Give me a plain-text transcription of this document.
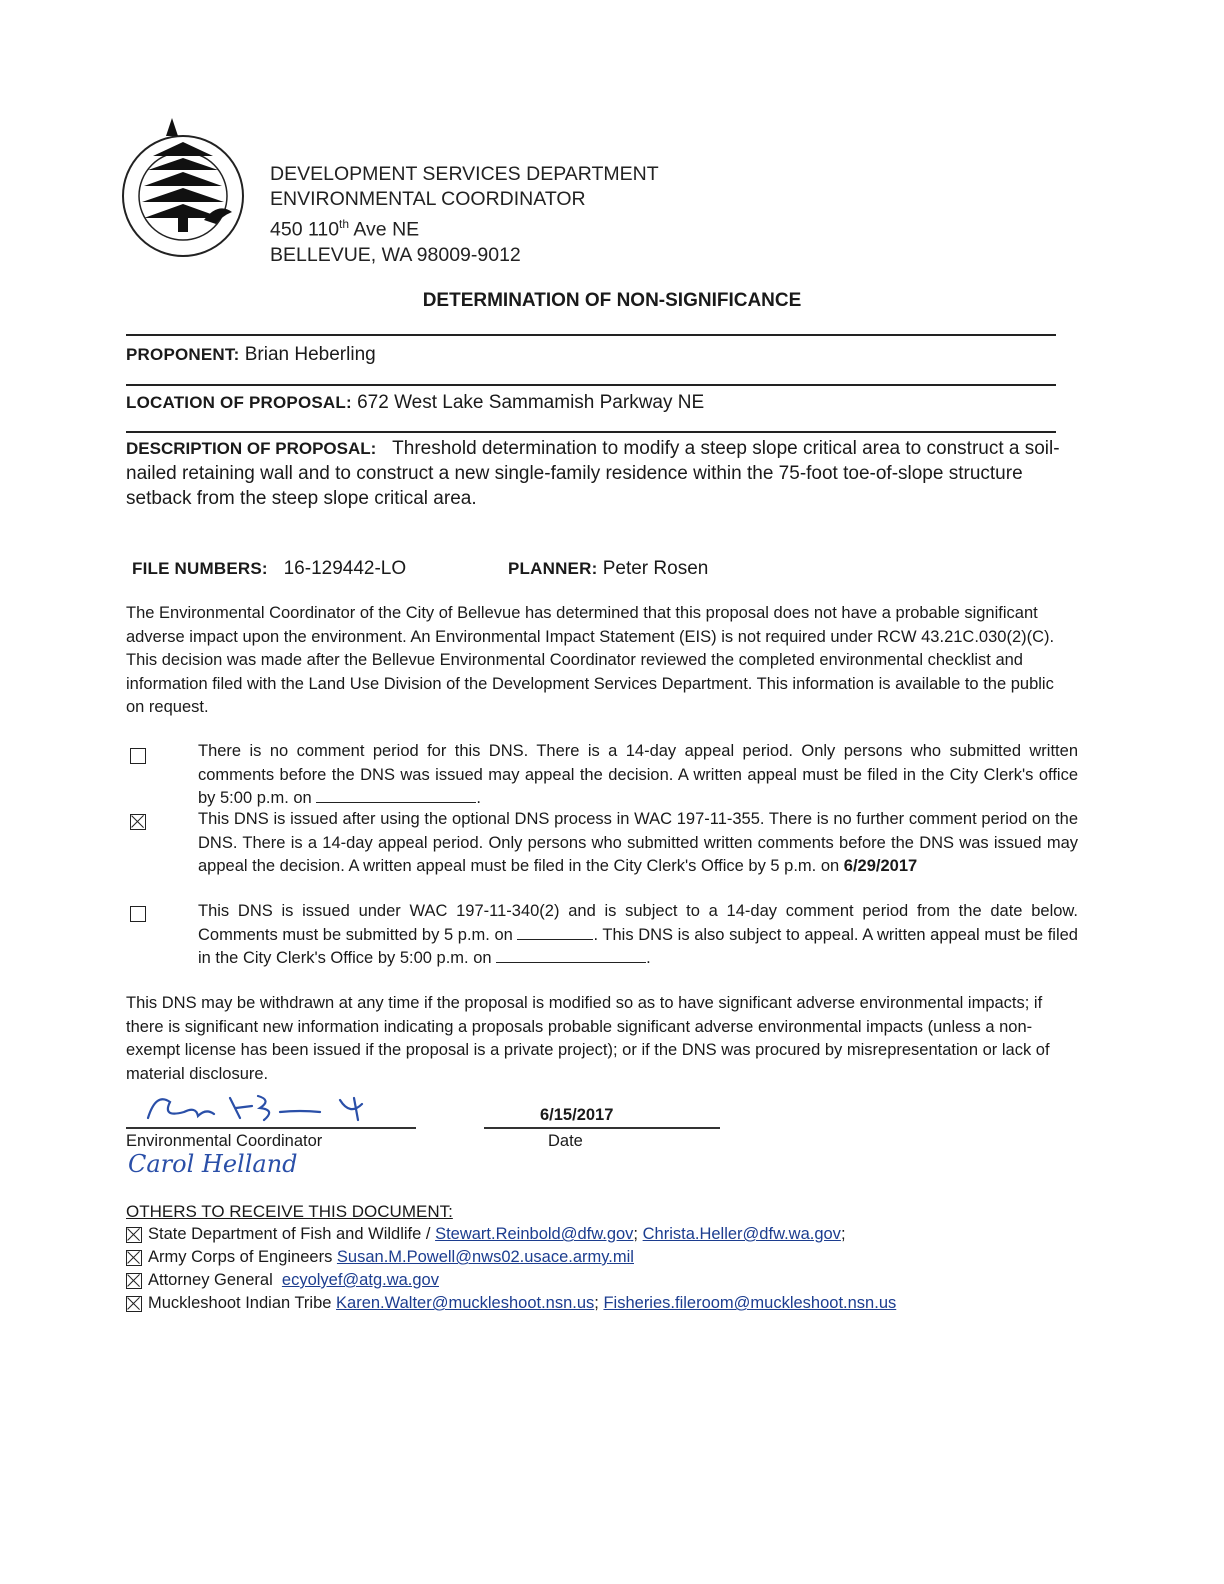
DEVELOPMENT SERVICES DEPARTMENT
ENVIRONMENTAL COORDINATOR
450 110th Ave NE
BELLEVUE, WA 98009-9012
DETERMINATION OF NON-SIGNIFICANCE
PROPONENT: Brian Heberling
LOCATION OF PROPOSAL: 672 West Lake Sammamish Parkway NE
DESCRIPTION OF PROPOSAL: Threshold determination to modify a steep slope critical area to construct a soil-nailed retaining wall and to construct a new single-family residence within the 75-foot toe-of-slope structure setback from the steep slope critical area.
FILE NUMBERS: 16-129442-LO	PLANNER: Peter Rosen
The Environmental Coordinator of the City of Bellevue has determined that this proposal does not have a probable significant adverse impact upon the environment. An Environmental Impact Statement (EIS) is not required under RCW 43.21C.030(2)(C). This decision was made after the Bellevue Environmental Coordinator reviewed the completed environmental checklist and information filed with the Land Use Division of the Development Services Department. This information is available to the public on request.
There is no comment period for this DNS. There is a 14-day appeal period. Only persons who submitted written comments before the DNS was issued may appeal the decision. A written appeal must be filed in the City Clerk's office by 5:00 p.m. on	.
This DNS is issued after using the optional DNS process in WAC 197-11-355. There is no further comment period on the DNS. There is a 14-day appeal period. Only persons who submitted written comments before the DNS was issued may appeal the decision. A written appeal must be filed in the City Clerk's Office by 5 p.m. on 6/29/2017
This DNS is issued under WAC 197-11-340(2) and is subject to a 14-day comment period from the date below. Comments must be submitted by 5 p.m. on	. This DNS is also subject to appeal. A written appeal must be filed in the City Clerk's Office by 5:00 p.m. on	.
This DNS may be withdrawn at any time if the proposal is modified so as to have significant adverse environmental impacts; if there is significant new information indicating a proposals probable significant adverse environmental impacts (unless a non-exempt license has been issued if the proposal is a private project); or if the DNS was procured by misrepresentation or lack of material disclosure.
Environmental Coordinator
Carol Helland
6/15/2017
Date
OTHERS TO RECEIVE THIS DOCUMENT:
State Department of Fish and Wildlife /
Stewart.Reinbold@dfw.gov ;
Christa.Heller@dfw.wa.gov ;
Army Corps of Engineers
Susan.M.Powell@nws02.usace.army.mil
Attorney General
ecyolyef@atg.wa.gov
Muckleshoot Indian Tribe
Karen.Walter@muckleshoot.nsn.us ;
Fisheries.fileroom@muckleshoot.nsn.us
